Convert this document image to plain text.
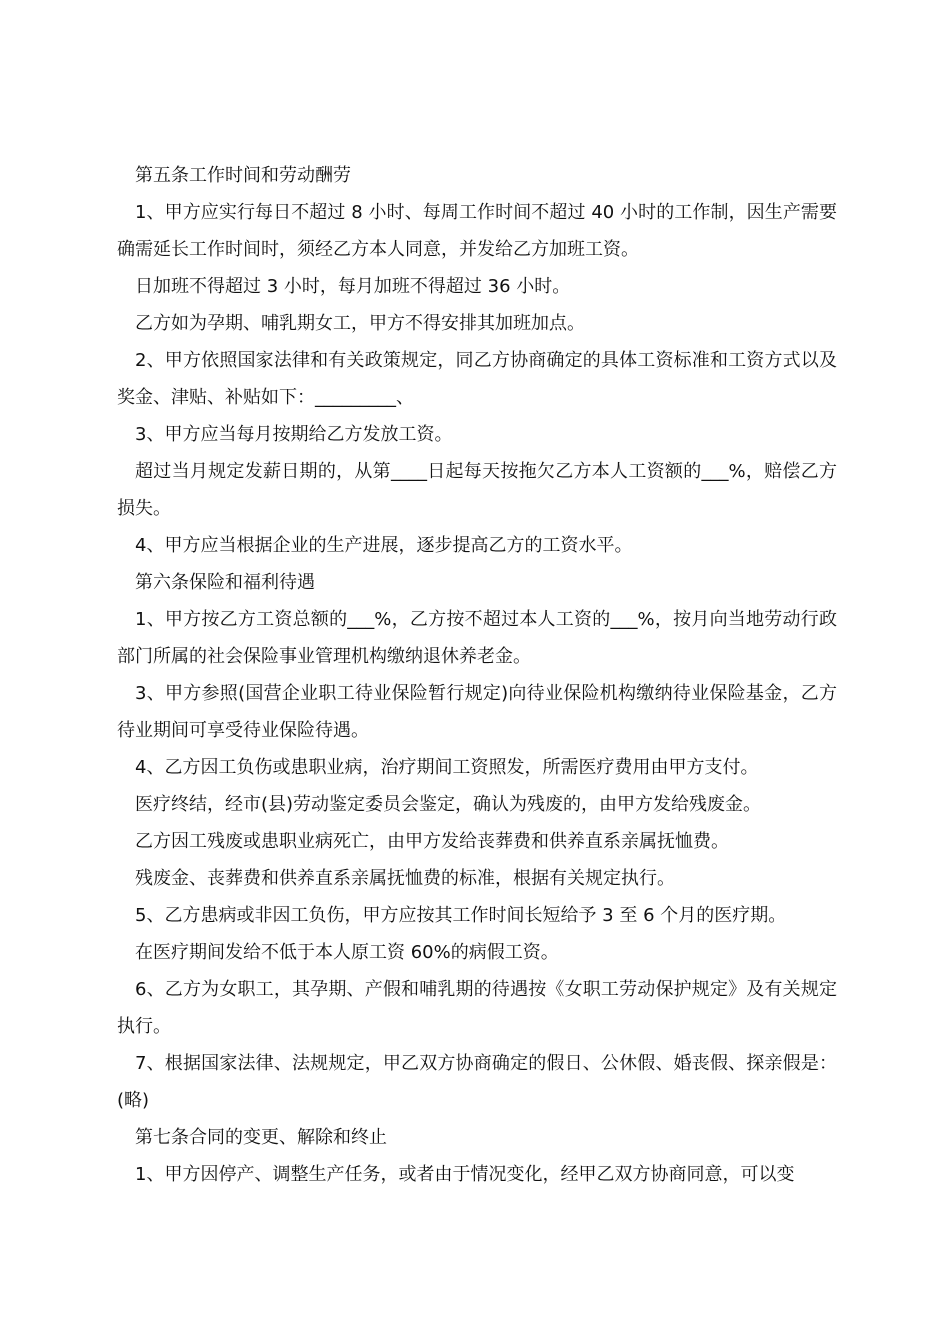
第五条工作时间和劳动酬劳

1、甲方应实行每日不超过 8 小时、每周工作时间不超过 40 小时的工作制，因生产需要确需延长工作时间时，须经乙方本人同意，并发给乙方加班工资。

日加班不得超过 3 小时，每月加班不得超过 36 小时。

乙方如为孕期、哺乳期女工，甲方不得安排其加班加点。

2、甲方依照国家法律和有关政策规定，同乙方协商确定的具体工资标准和工资方式以及奖金、津贴、补贴如下：_________、

3、甲方应当每月按期给乙方发放工资。

超过当月规定发薪日期的，从第____日起每天按拖欠乙方本人工资额的___%，赔偿乙方损失。

4、甲方应当根据企业的生产进展，逐步提高乙方的工资水平。

第六条保险和福利待遇

1、甲方按乙方工资总额的___%，乙方按不超过本人工资的___%，按月向当地劳动行政部门所属的社会保险事业管理机构缴纳退休养老金。

3、甲方参照(国营企业职工待业保险暂行规定)向待业保险机构缴纳待业保险基金，乙方待业期间可享受待业保险待遇。

4、乙方因工负伤或患职业病，治疗期间工资照发，所需医疗费用由甲方支付。

医疗终结，经市(县)劳动鉴定委员会鉴定，确认为残废的，由甲方发给残废金。

乙方因工残废或患职业病死亡，由甲方发给丧葬费和供养直系亲属抚恤费。

残废金、丧葬费和供养直系亲属抚恤费的标准，根据有关规定执行。

5、乙方患病或非因工负伤，甲方应按其工作时间长短给予 3 至 6 个月的医疗期。

在医疗期间发给不低于本人原工资 60%的病假工资。

6、乙方为女职工，其孕期、产假和哺乳期的待遇按《女职工劳动保护规定》及有关规定执行。

7、根据国家法律、法规规定，甲乙双方协商确定的假日、公休假、婚丧假、探亲假是：(略)

第七条合同的变更、解除和终止

1、甲方因停产、调整生产任务，或者由于情况变化，经甲乙双方协商同意，可以变
